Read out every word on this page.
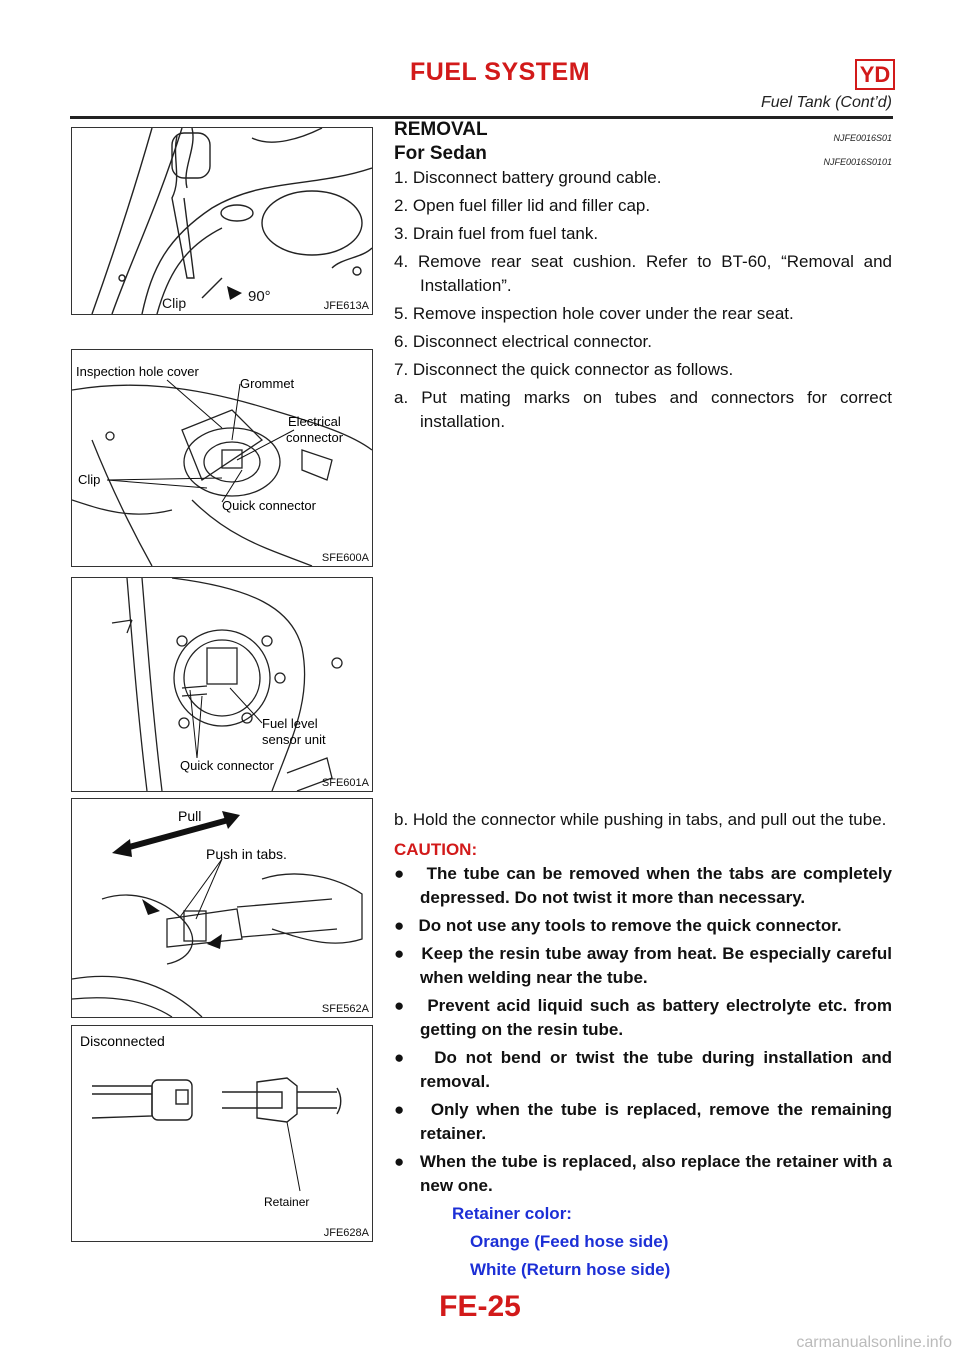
FUEL SYSTEM	YD
Fuel Tank (Cont’d)
90°
Clip	JFE613A
Inspection hole cover
Grommet
Electrical
connector
Clip
Quick connector
SFE600A
Fuel level
sensor unit
Quick connector
SFE601A
Pull
Push in tabs.
SFE562A
Disconnected
Retainer
JFE628A
REMOVAL	NJFE0016S01
For Sedan	NJFE0016S0101
1. Disconnect battery ground cable.
2. Open fuel filler lid and filler cap.
3. Drain fuel from fuel tank.
4. Remove rear seat cushion. Refer to BT-60, “Removal and Installation”.
5. Remove inspection hole cover under the rear seat.
6. Disconnect electrical connector.
7. Disconnect the quick connector as follows.
a. Put mating marks on tubes and connectors for correct installation.
b. Hold the connector while pushing in tabs, and pull out the tube.
CAUTION:
●   The tube can be removed when the tabs are completely depressed. Do not twist it more than necessary.
●   Do not use any tools to remove the quick connector.
●   Keep the resin tube away from heat. Be especially careful when welding near the tube.
●   Prevent acid liquid such as battery electrolyte etc. from getting on the resin tube.
●   Do not bend or twist the tube during installation and removal.
●   Only when the tube is replaced, remove the remaining retainer.
●   When the tube is replaced, also replace the retainer with a new one.
Retainer color:
Orange (Feed hose side)
White (Return hose side)
FE-25
carmanualsonline.info
